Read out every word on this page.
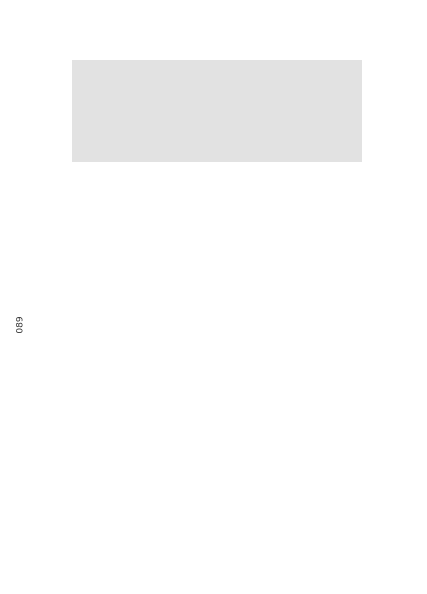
089
